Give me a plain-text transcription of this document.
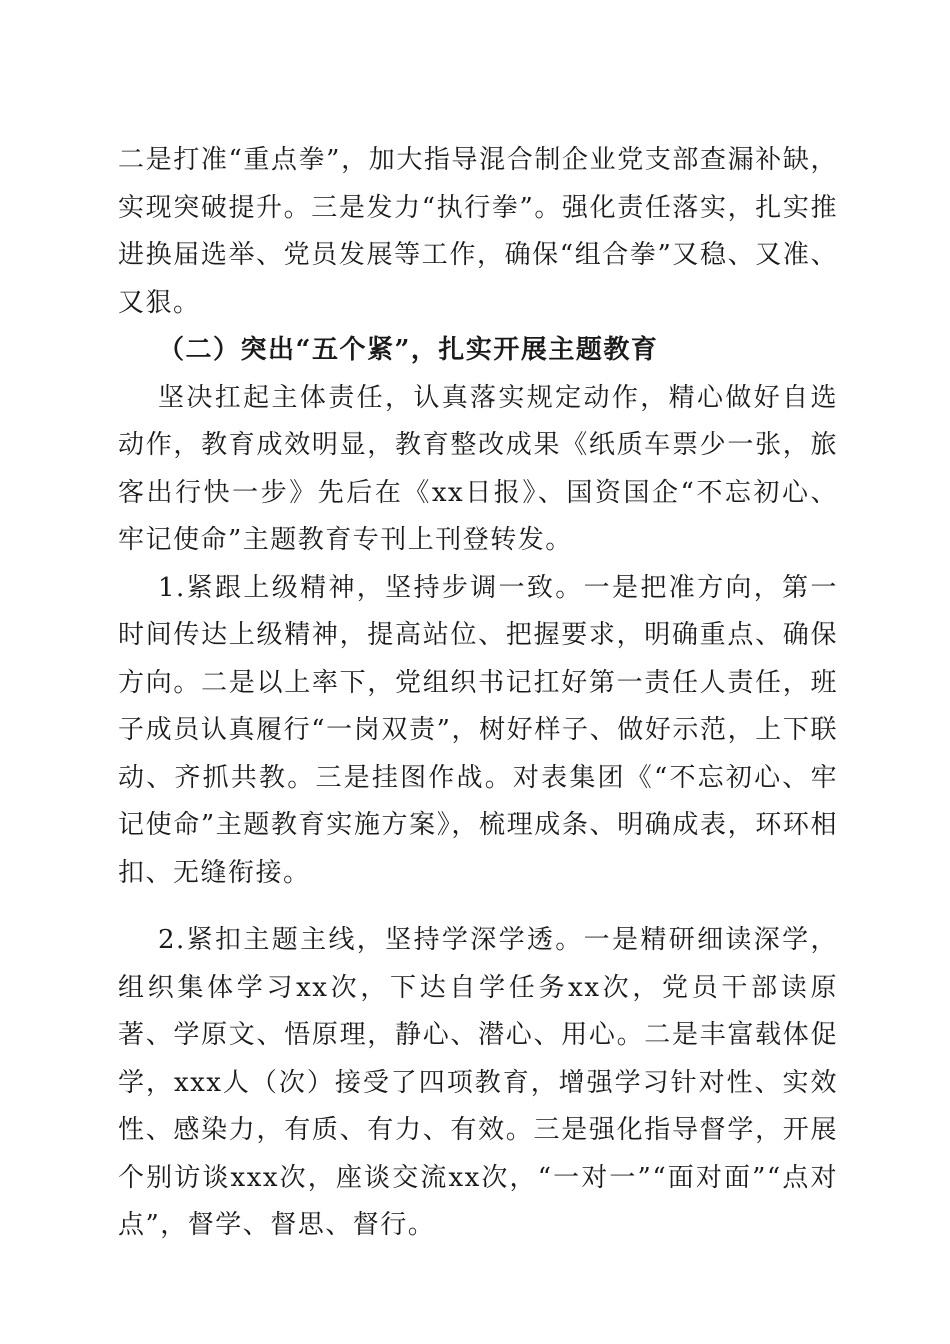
二是打准“重点拳”，加大指导混合制企业党支部查漏补缺，实现突破提升。三是发力“执行拳”。强化责任落实，扎实推进换届选举、党员发展等工作，确保“组合拳”又稳、又准、又狠。

（二）突出“五个紧”，扎实开展主题教育

坚决扛起主体责任，认真落实规定动作，精心做好自选动作，教育成效明显，教育整改成果《纸质车票少一张，旅客出行快一步》先后在《xx日报》、国资国企“不忘初心、牢记使命”主题教育专刊上刊登转发。

1.紧跟上级精神，坚持步调一致。一是把准方向，第一时间传达上级精神，提高站位、把握要求，明确重点、确保方向。二是以上率下，党组织书记扛好第一责任人责任，班子成员认真履行“一岗双责”，树好样子、做好示范，上下联动、齐抓共教。三是挂图作战。对表集团《“不忘初心、牢记使命”主题教育实施方案》，梳理成条、明确成表，环环相扣、无缝衔接。

2.紧扣主题主线，坚持学深学透。一是精研细读深学，组织集体学习xx次，下达自学任务xx次，党员干部读原著、学原文、悟原理，静心、潜心、用心。二是丰富载体促学，xxx人（次）接受了四项教育，增强学习针对性、实效性、感染力，有质、有力、有效。三是强化指导督学，开展个别访谈xxx次，座谈交流xx次，“一对一”“面对面”“点对点”，督学、督思、督行。
